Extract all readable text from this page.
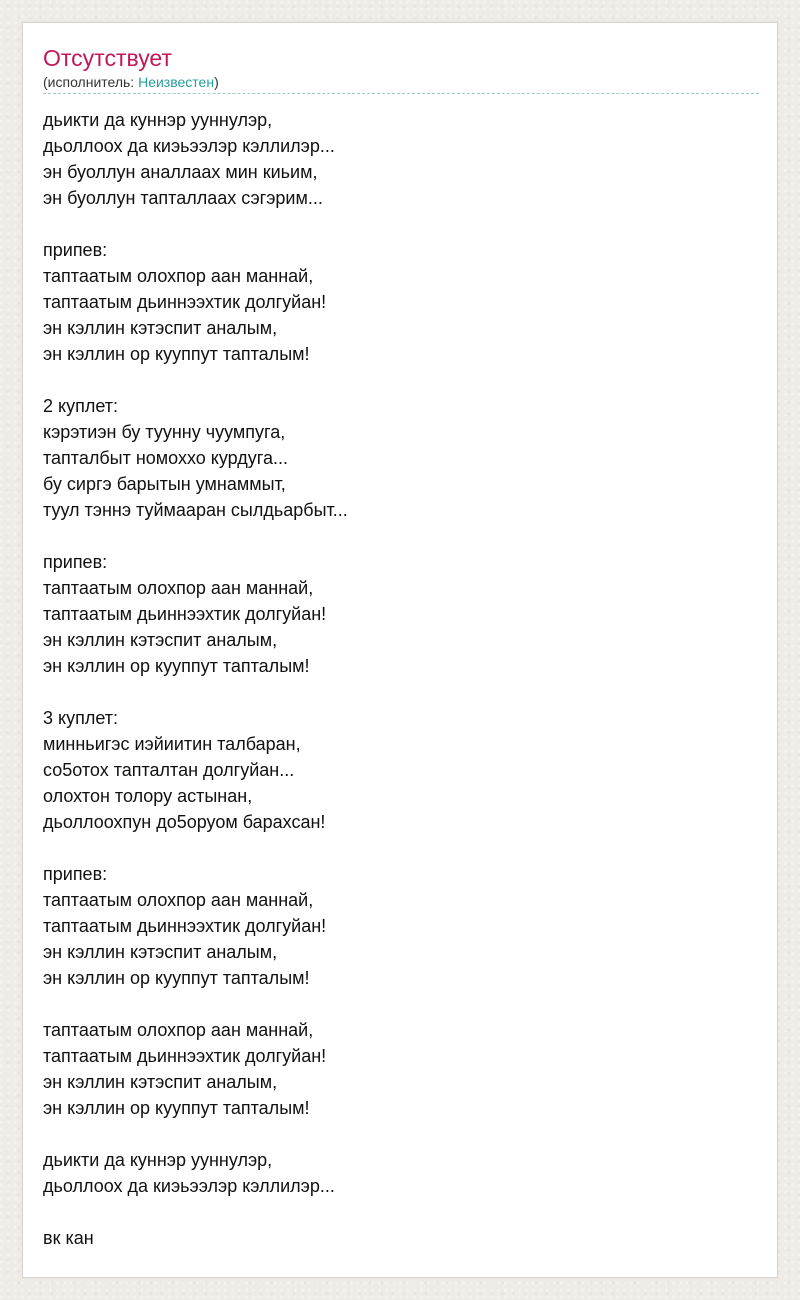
Отсутствует
(исполнитель: Неизвестен)
дьикти да куннэр ууннулэр,
дьоллоох да киэьээлэр кэллилэр...
эн буоллун аналлаах мин киьим,
эн буоллун тапталлаах сэгэрим...
припев:
таптаатым олохпор аан маннай,
таптаатым дьиннээхтик долгуйан!
эн кэллин кэтэспит аналым,
эн кэллин ор кууппут тапталым!
2 куплет:
кэрэтиэн бу туунну чуумпуга,
тапталбыт номоххо курдуга...
бу сиргэ барытын умнаммыт,
туул тэннэ туймааран сылдьарбыт...
припев:
таптаатым олохпор аан маннай,
таптаатым дьиннээхтик долгуйан!
эн кэллин кэтэспит аналым,
эн кэллин ор кууппут тапталым!
3 куплет:
минньигэс иэйиитин талбаран,
со5отох тапталтан долгуйан...
олохтон толору астынан,
дьоллоохпун до5оруом барахсан!
припев:
таптаатым олохпор аан маннай,
таптаатым дьиннээхтик долгуйан!
эн кэллин кэтэспит аналым,
эн кэллин ор кууппут тапталым!
таптаатым олохпор аан маннай,
таптаатым дьиннээхтик долгуйан!
эн кэллин кэтэспит аналым,
эн кэллин ор кууппут тапталым!
дьикти да куннэр ууннулэр,
дьоллоох да киэьээлэр кэллилэр...
вк кан
